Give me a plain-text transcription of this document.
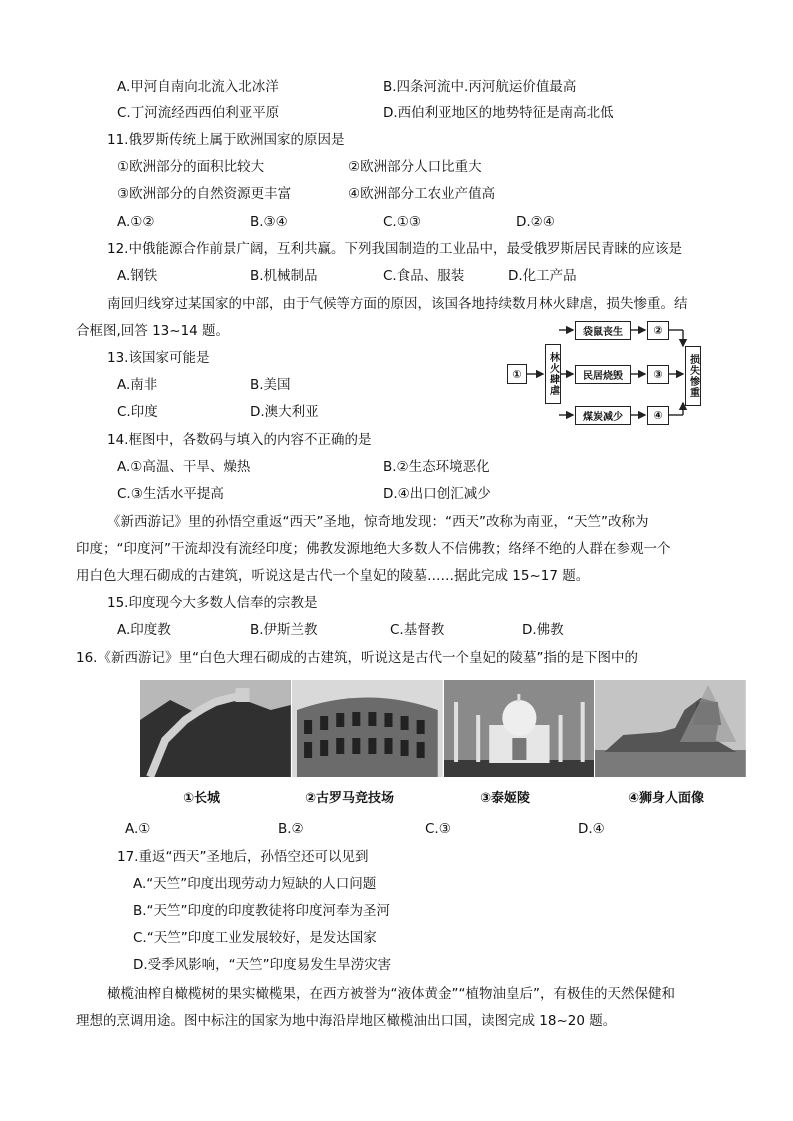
A.甲河自南向北流入北冰洋	B.四条河流中.丙河航运价值最高
C.丁河流经西西伯利亚平原	D.西伯利亚地区的地势特征是南高北低
11.俄罗斯传统上属于欧洲国家的原因是
①欧洲部分的面积比较大	②欧洲部分人口比重大
③欧洲部分的自然资源更丰富	④欧洲部分工农业产值高
A.①②	B.③④	C.①③	D.②④
12.中俄能源合作前景广阔，互利共赢。下列我国制造的工业品中，最受俄罗斯居民青睐的应该是
A.钢铁	B.机械制品	C.食品、服装	D.化工产品
南回归线穿过某国家的中部，由于气候等方面的原因，该国各地持续数月林火肆虐，损失惨重。结
合框图,回答 13~14 题。
13.该国家可能是
A.南非	B.美国
C.印度	D.澳大利亚
①	林火肆虐
袋鼠丧生
民居烧毁
煤炭减少
②
③
④
损失惨重
14.框图中，各数码与填入的内容不正确的是
A.①高温、干旱、燥热	B.②生态环境恶化
C.③生活水平提高	D.④出口创汇减少
《新西游记》里的孙悟空重返“西天”圣地，惊奇地发现：“西天”改称为南亚，“天竺”改称为
印度；“印度河”干流却没有流经印度；佛教发源地绝大多数人不信佛教；络绎不绝的人群在参观一个
用白色大理石砌成的古建筑，听说这是古代一个皇妃的陵墓……据此完成 15~17 题。
15.印度现今大多数人信奉的宗教是
A.印度教	B.伊斯兰教	C.基督教	D.佛教
16.《新西游记》里“白色大理石砌成的古建筑，听说这是古代一个皇妃的陵墓”指的是下图中的
①长城	②古罗马竞技场	③泰姬陵	④狮身人面像
A.①	B.②	C.③	D.④
17.重返“西天”圣地后，孙悟空还可以见到
A.“天竺”印度出现劳动力短缺的人口问题
B.“天竺”印度的印度教徒将印度河奉为圣河
C.“天竺”印度工业发展较好，是发达国家
D.受季风影响，“天竺”印度易发生旱涝灾害
橄榄油榨自橄榄树的果实橄榄果，在西方被誉为“液体黄金”“植物油皇后”，有极佳的天然保健和
理想的烹调用途。图中标注的国家为地中海沿岸地区橄榄油出口国，读图完成 18~20 题。
